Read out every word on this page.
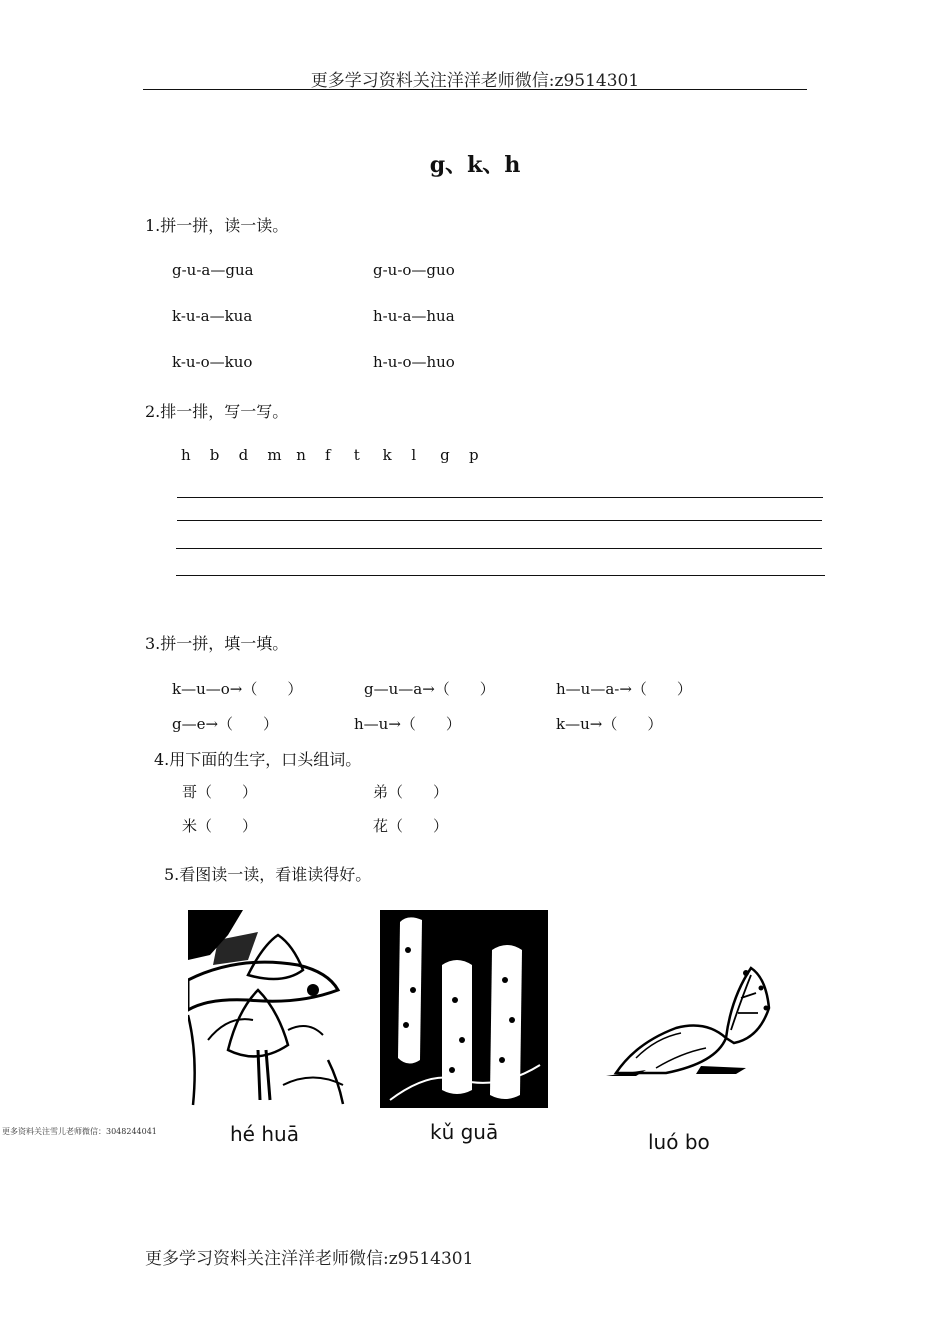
更多学习资料关注洋洋老师微信:z9514301
g、k、h
1.拼一拼，读一读。
g-u-a—gua	g-u-o—guo
k-u-a—kua	h-u-a—hua
k-u-o—kuo	h-u-o—huo
2.排一排，写一写。
h b d m n f t k l g p
3.拼一拼，填一填。
k—u—o→（　　）	g—u—a→（　　）	h—u—a-→（　　）
g—e→（　　）	h—u→（　　）	k—u→（　　）
4.用下面的生字，口头组词。
哥（　　）	弟（　　）
米（　　）	花（　　）
5.看图读一读，看谁读得好。
hé huā	kǔ guā	luó bo
更多资料关注雪儿老师微信：3048244041
更多学习资料关注洋洋老师微信:z9514301
